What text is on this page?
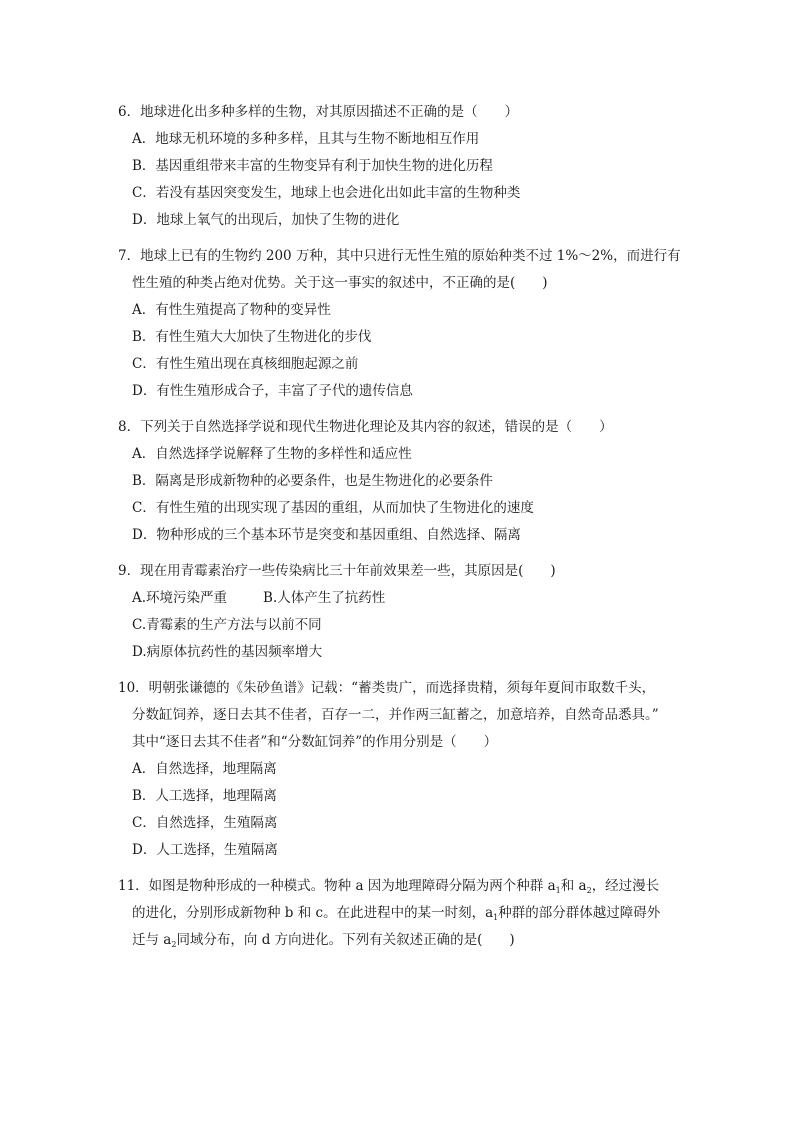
6．地球进化出多种多样的生物，对其原因描述不正确的是（　　）
A．地球无机环境的多种多样，且其与生物不断地相互作用
B．基因重组带来丰富的生物变异有利于加快生物的进化历程
C．若没有基因突变发生，地球上也会进化出如此丰富的生物种类
D．地球上氧气的出现后，加快了生物的进化
7．地球上已有的生物约 200 万种，其中只进行无性生殖的原始种类不过 1%～2%，而进行有
性生殖的种类占绝对优势。关于这一事实的叙述中，不正确的是(　　)
A．有性生殖提高了物种的变异性
B．有性生殖大大加快了生物进化的步伐
C．有性生殖出现在真核细胞起源之前
D．有性生殖形成合子，丰富了子代的遗传信息
8．下列关于自然选择学说和现代生物进化理论及其内容的叙述，错误的是（　　）
A．自然选择学说解释了生物的多样性和适应性
B．隔离是形成新物种的必要条件，也是生物进化的必要条件
C．有性生殖的出现实现了基因的重组，从而加快了生物进化的速度
D．物种形成的三个基本环节是突变和基因重组、自然选择、隔离
9．现在用青霉素治疗一些传染病比三十年前效果差一些，其原因是(　　)
A.环境污染严重	B.人体产生了抗药性
C.青霉素的生产方法与以前不同
D.病原体抗药性的基因频率增大
10．明朝张谦德的《朱砂鱼谱》记载：“蓄类贵广，而选择贵精，须每年夏间市取数千头，
分数缸饲养，逐日去其不佳者，百存一二，并作两三缸蓄之，加意培养，自然奇品悉具。”
其中“逐日去其不佳者”和“分数缸饲养”的作用分别是（　　）
A．自然选择，地理隔离
B．人工选择，地理隔离
C．自然选择，生殖隔离
D．人工选择，生殖隔离
11．如图是物种形成的一种模式。物种 a 因为地理障碍分隔为两个种群 $a_1$和 $a_2$，经过漫长
的进化，分别形成新物种 b 和 c。在此进程中的某一时刻，$a_1$种群的部分群体越过障碍外
迁与 $a_2$同域分布，向 d 方向进化。下列有关叙述正确的是(　　)
